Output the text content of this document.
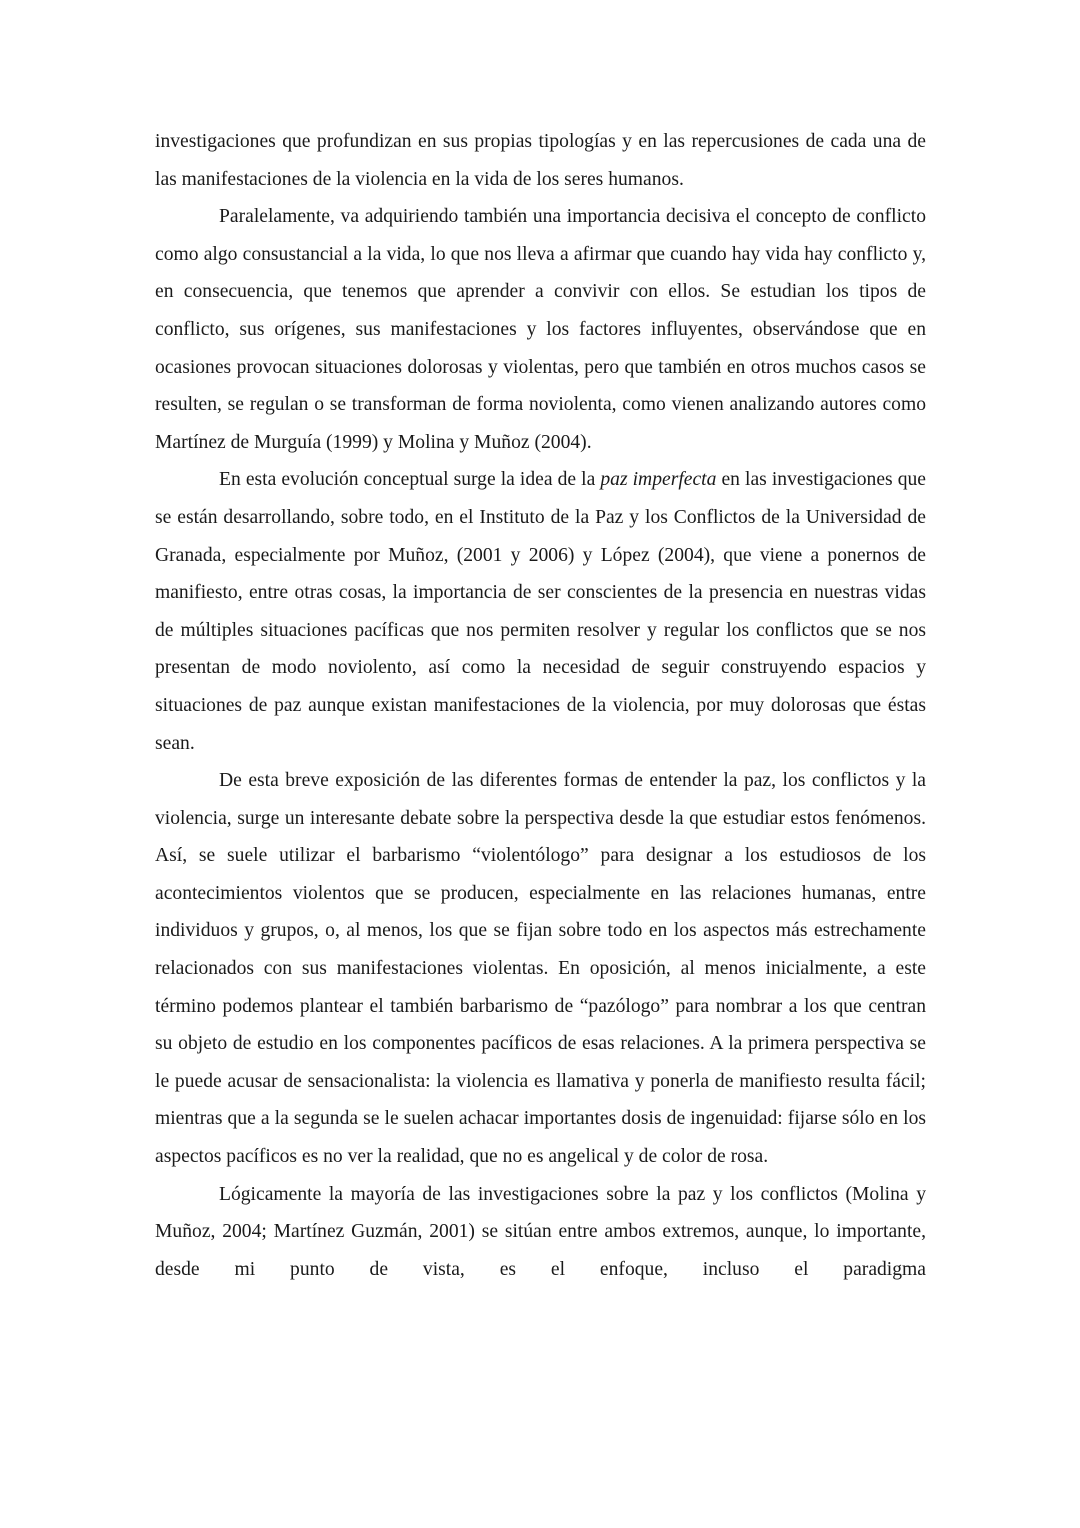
investigaciones que profundizan en sus propias tipologías y en las repercusiones de cada una de las manifestaciones de la violencia en la vida de los seres humanos.

Paralelamente, va adquiriendo también una importancia decisiva el concepto de conflicto como algo consustancial a la vida, lo que nos lleva a afirmar que cuando hay vida hay conflicto y, en consecuencia, que tenemos que aprender a convivir con ellos. Se estudian los tipos de conflicto, sus orígenes, sus manifestaciones y los factores influyentes, observándose que en ocasiones provocan situaciones dolorosas y violentas, pero que también en otros muchos casos se resulten, se regulan o se transforman de forma noviolenta, como vienen analizando autores como Martínez de Murguía (1999) y Molina y Muñoz (2004).

En esta evolución conceptual surge la idea de la paz imperfecta en las investigaciones que se están desarrollando, sobre todo, en el Instituto de la Paz y los Conflictos de la Universidad de Granada, especialmente por Muñoz, (2001 y 2006) y López (2004), que viene a ponernos de manifiesto, entre otras cosas, la importancia de ser conscientes de la presencia en nuestras vidas de múltiples situaciones pacíficas que nos permiten resolver y regular los conflictos que se nos presentan de modo noviolento, así como la necesidad de seguir construyendo espacios y situaciones de paz aunque existan manifestaciones de la violencia, por muy dolorosas que éstas sean.

De esta breve exposición de las diferentes formas de entender la paz, los conflictos y la violencia, surge un interesante debate sobre la perspectiva desde la que estudiar estos fenómenos. Así, se suele utilizar el barbarismo “violentólogo” para designar a los estudiosos de los acontecimientos violentos que se producen, especialmente en las relaciones humanas, entre individuos y grupos, o, al menos, los que se fijan sobre todo en los aspectos más estrechamente relacionados con sus manifestaciones violentas. En oposición, al menos inicialmente, a este término podemos plantear el también barbarismo de “pazólogo” para nombrar a los que centran su objeto de estudio en los componentes pacíficos de esas relaciones. A la primera perspectiva se le puede acusar de sensacionalista: la violencia es llamativa y ponerla de manifiesto resulta fácil; mientras que a la segunda se le suelen achacar importantes dosis de ingenuidad: fijarse sólo en los aspectos pacíficos es no ver la realidad, que no es angelical y de color de rosa.

Lógicamente la mayoría de las investigaciones sobre la paz y los conflictos (Molina y Muñoz, 2004; Martínez Guzmán, 2001) se sitúan entre ambos extremos, aunque, lo importante, desde mi punto de vista, es el enfoque, incluso el paradigma
